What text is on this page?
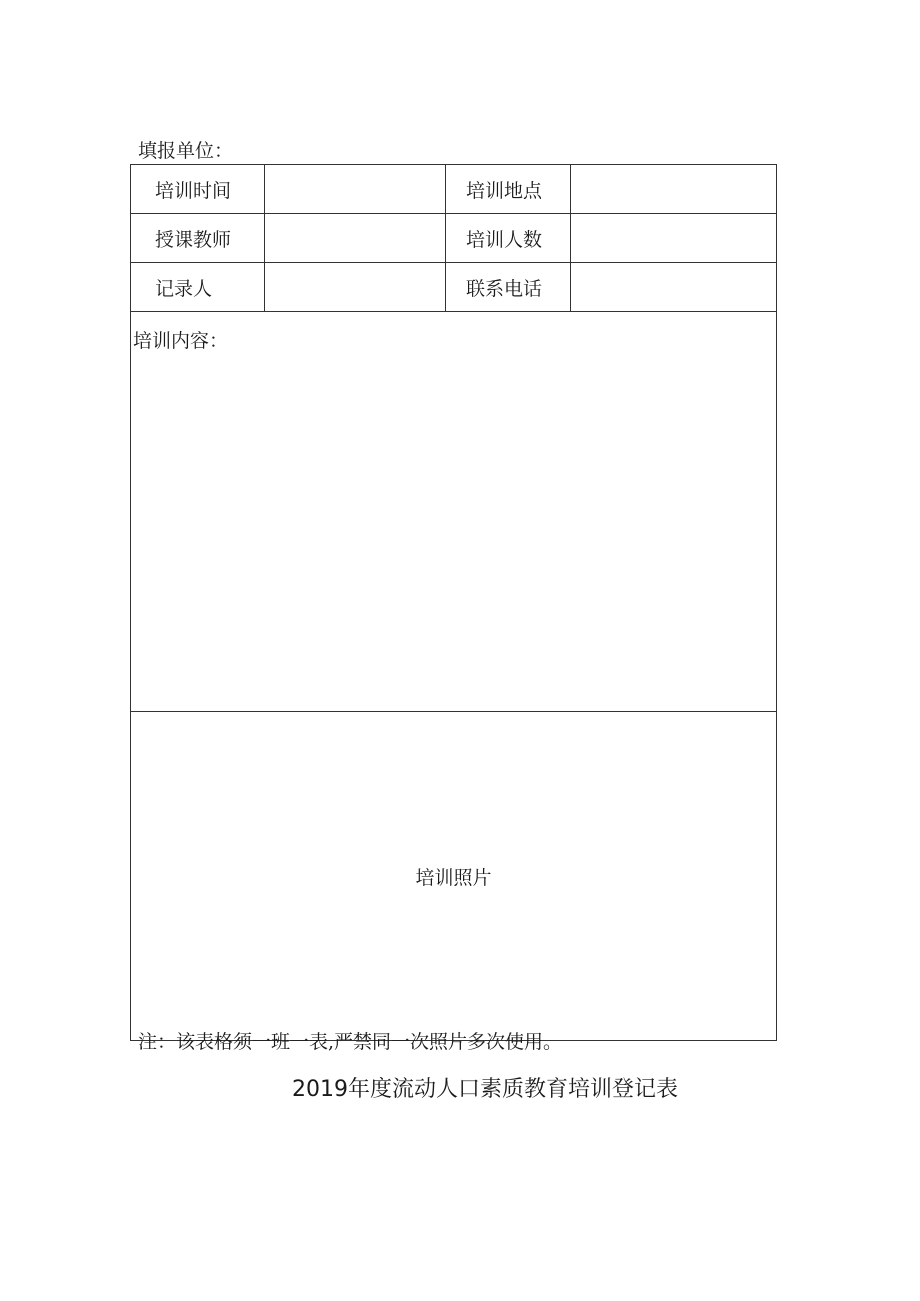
填报单位：
培训时间		培训地点	
授课教师		培训人数	
记录人		联系电话	
培训内容：			
培训照片			
注：该表格须一班一表,严禁同一次照片多次使用。
2019年度流动人口素质教育培训登记表
